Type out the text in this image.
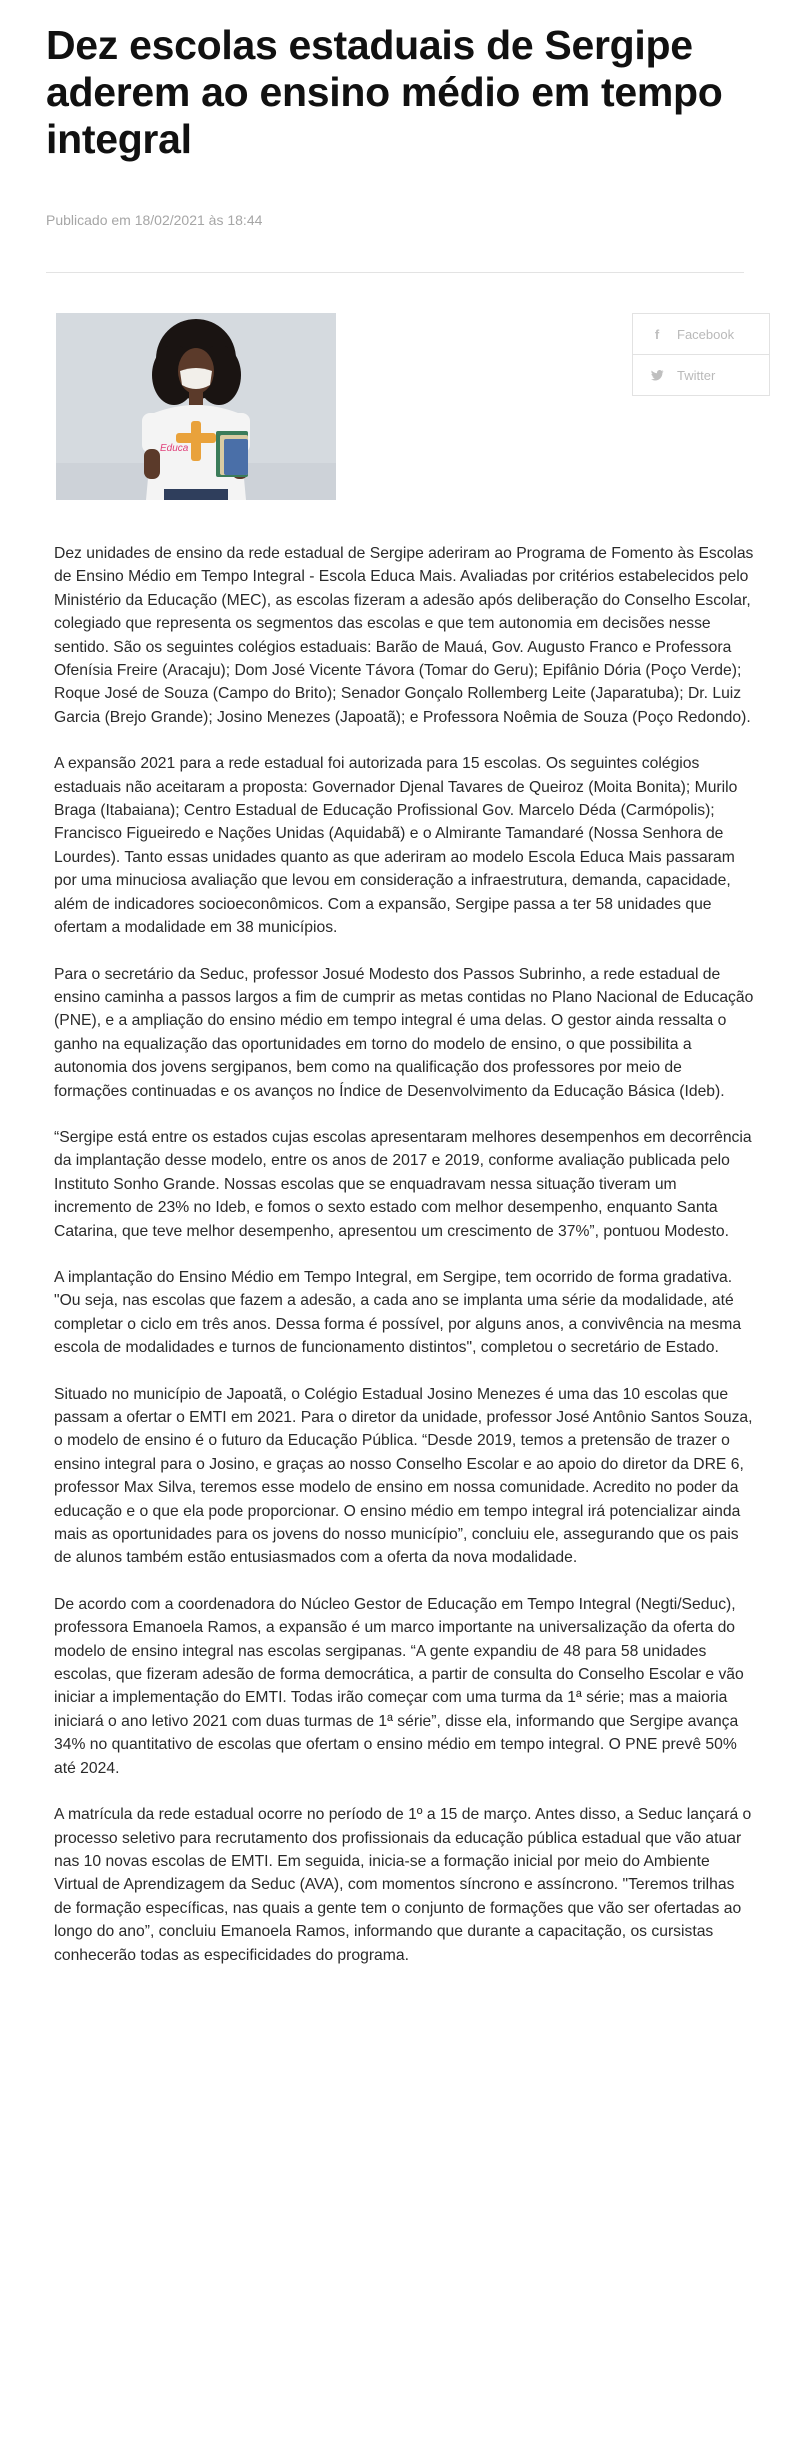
Dez escolas estaduais de Sergipe aderem ao ensino médio em tempo integral

Publicado em 18/02/2021 às 18:44

Educa
f	Facebook
Twitter

Dez unidades de ensino da rede estadual de Sergipe aderiram ao Programa de Fomento às Escolas de Ensino Médio em Tempo Integral - Escola Educa Mais. Avaliadas por critérios estabelecidos pelo Ministério da Educação (MEC), as escolas fizeram a adesão após deliberação do Conselho Escolar, colegiado que representa os segmentos das escolas e que tem autonomia em decisões nesse sentido. São os seguintes colégios estaduais: Barão de Mauá, Gov. Augusto Franco e Professora Ofenísia Freire (Aracaju); Dom José Vicente Távora (Tomar do Geru); Epifânio Dória (Poço Verde); Roque José de Souza (Campo do Brito); Senador Gonçalo Rollemberg Leite (Japaratuba); Dr. Luiz Garcia (Brejo Grande); Josino Menezes (Japoatã); e Professora Noêmia de Souza (Poço Redondo).

A expansão 2021 para a rede estadual foi autorizada para 15 escolas. Os seguintes colégios estaduais não aceitaram a proposta: Governador Djenal Tavares de Queiroz (Moita Bonita); Murilo Braga (Itabaiana); Centro Estadual de Educação Profissional Gov. Marcelo Déda (Carmópolis); Francisco Figueiredo e Nações Unidas (Aquidabã) e o Almirante Tamandaré (Nossa Senhora de Lourdes). Tanto essas unidades quanto as que aderiram ao modelo Escola Educa Mais passaram por uma minuciosa avaliação que levou em consideração a infraestrutura, demanda, capacidade, além de indicadores socioeconômicos. Com a expansão, Sergipe passa a ter 58 unidades que ofertam a modalidade em 38 municípios.

Para o secretário da Seduc, professor Josué Modesto dos Passos Subrinho, a rede estadual de ensino caminha a passos largos a fim de cumprir as metas contidas no Plano Nacional de Educação (PNE), e a ampliação do ensino médio em tempo integral é uma delas. O gestor ainda ressalta o ganho na equalização das oportunidades em torno do modelo de ensino, o que possibilita a autonomia dos jovens sergipanos, bem como na qualificação dos professores por meio de formações continuadas e os avanços no Índice de Desenvolvimento da Educação Básica (Ideb).

“Sergipe está entre os estados cujas escolas apresentaram melhores desempenhos em decorrência da implantação desse modelo, entre os anos de 2017 e 2019, conforme avaliação publicada pelo Instituto Sonho Grande. Nossas escolas que se enquadravam nessa situação tiveram um incremento de 23% no Ideb, e fomos o sexto estado com melhor desempenho, enquanto Santa Catarina, que teve melhor desempenho, apresentou um crescimento de 37%”, pontuou Modesto.

A implantação do Ensino Médio em Tempo Integral, em Sergipe, tem ocorrido de forma gradativa. "Ou seja, nas escolas que fazem a adesão, a cada ano se implanta uma série da modalidade, até completar o ciclo em três anos. Dessa forma é possível, por alguns anos, a convivência na mesma escola de modalidades e turnos de funcionamento distintos", completou o secretário de Estado.

Situado no município de Japoatã, o Colégio Estadual Josino Menezes é uma das 10 escolas que passam a ofertar o EMTI em 2021. Para o diretor da unidade, professor José Antônio Santos Souza, o modelo de ensino é o futuro da Educação Pública. “Desde 2019, temos a pretensão de trazer o ensino integral para o Josino, e graças ao nosso Conselho Escolar e ao apoio do diretor da DRE 6, professor Max Silva, teremos esse modelo de ensino em nossa comunidade. Acredito no poder da educação e o que ela pode proporcionar. O ensino médio em tempo integral irá potencializar ainda mais as oportunidades para os jovens do nosso município”, concluiu ele, assegurando que os pais de alunos também estão entusiasmados com a oferta da nova modalidade.

De acordo com a coordenadora do Núcleo Gestor de Educação em Tempo Integral (Negti/Seduc), professora Emanoela Ramos, a expansão é um marco importante na universalização da oferta do modelo de ensino integral nas escolas sergipanas. “A gente expandiu de 48 para 58 unidades escolas, que fizeram adesão de forma democrática, a partir de consulta do Conselho Escolar e vão iniciar a implementação do EMTI. Todas irão começar com uma turma da 1ª série; mas a maioria iniciará o ano letivo 2021 com duas turmas de 1ª série”, disse ela, informando que Sergipe avança 34% no quantitativo de escolas que ofertam o ensino médio em tempo integral. O PNE prevê 50% até 2024.

A matrícula da rede estadual ocorre no período de 1º a 15 de março. Antes disso, a Seduc lançará o processo seletivo para recrutamento dos profissionais da educação pública estadual que vão atuar nas 10 novas escolas de EMTI. Em seguida, inicia-se a formação inicial por meio do Ambiente Virtual de Aprendizagem da Seduc (AVA), com momentos síncrono e assíncrono. "Teremos trilhas de formação específicas, nas quais a gente tem o conjunto de formações que vão ser ofertadas ao longo do ano”, concluiu Emanoela Ramos, informando que durante a capacitação, os cursistas conhecerão todas as especificidades do programa.
